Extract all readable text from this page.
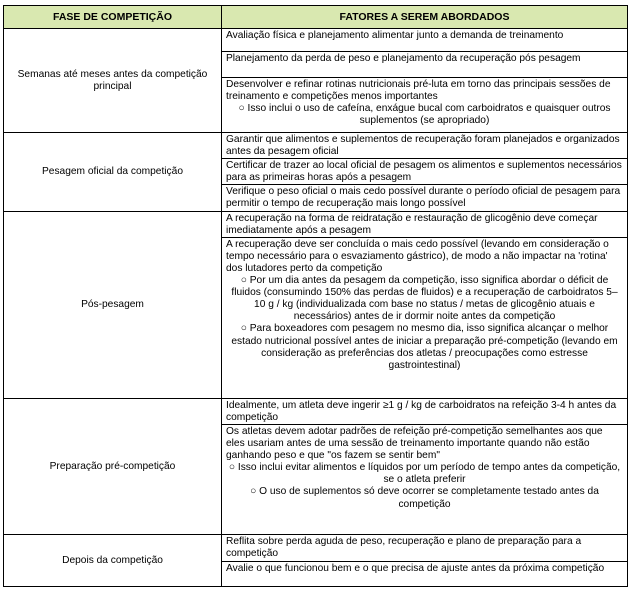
FASE DE COMPETIÇÃO	FATORES A SEREM ABORDADOS
Semanas até meses antes da competição principal	Avaliação física e planejamento alimentar junto a demanda de treinamento
	Planejamento da perda de peso e planejamento da recuperação pós pesagem

	Desenvolver e refinar rotinas nutricionais pré-luta em torno das principais sessões de treinamento e competições menos importantes
○ Isso inclui o uso de cafeína, enxágue bucal com carboidratos e quaisquer outros suplementos (se apropriado)

Pesagem oficial da competição	Garantir que alimentos e suplementos de recuperação foram planejados e organizados antes da pesagem oficial
	Certificar de trazer ao local oficial de pesagem os alimentos e suplementos necessários para as primeiras horas após a pesagem
	Verifique o peso oficial o mais cedo possível durante o período oficial de pesagem para permitir o tempo de recuperação mais longo possível
Pós-pesagem	A recuperação na forma de reidratação e restauração de glicogênio deve começar imediatamente após a pesagem

	A recuperação deve ser concluída o mais cedo possível (levando em consideração o tempo necessário para o esvaziamento gástrico), de modo a não impactar na 'rotina' dos lutadores perto da competição
○ Por um dia antes da pesagem da competição, isso significa abordar o déficit de fluidos (consumindo 150% das perdas de fluidos) e a recuperação de carboidratos 5–10 g / kg (individualizada com base no status / metas de glicogênio atuais e necessários) antes de ir dormir noite antes da competição
○ Para boxeadores com pesagem no mesmo dia, isso significa alcançar o melhor estado nutricional possível antes de iniciar a preparação pré-competição (levando em consideração as preferências dos atletas / preocupações como estresse gastrointestinal)

Preparação pré-competição	Idealmente, um atleta deve ingerir ≥1 g / kg de carboidratos na refeição 3-4 h antes da competição

	Os atletas devem adotar padrões de refeição pré-competição semelhantes aos que eles usariam antes de uma sessão de treinamento importante quando não estão ganhando peso e que "os fazem se sentir bem"
○ Isso inclui evitar alimentos e líquidos por um período de tempo antes da competição, se o atleta preferir
○ O uso de suplementos só deve ocorrer se completamente testado antes da competição

Depois da competição	Reflita sobre perda aguda de peso, recuperação e plano de preparação para a competição
	Avalie o que funcionou bem e o que precisa de ajuste antes da próxima competição
